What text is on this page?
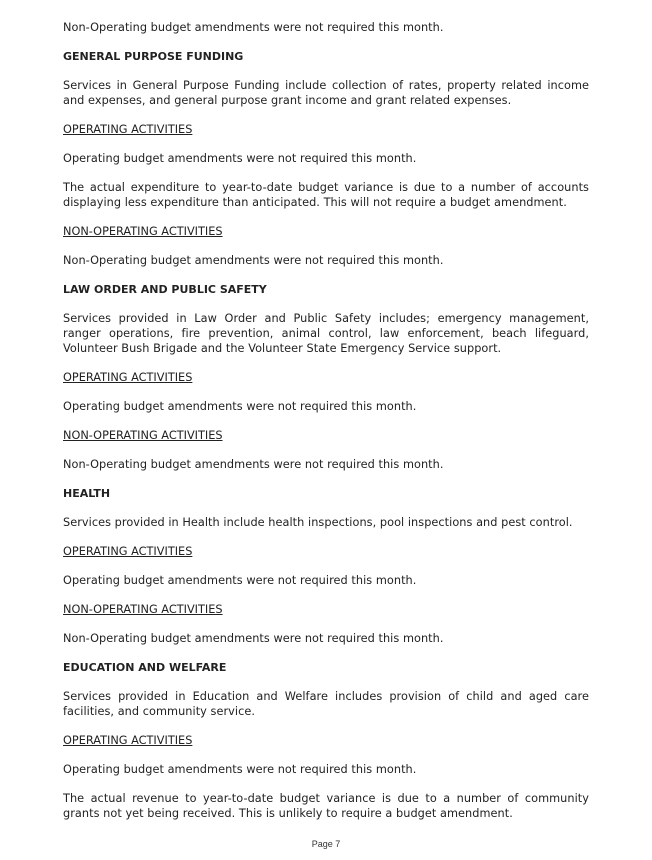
Non-Operating budget amendments were not required this month.
GENERAL PURPOSE FUNDING
Services in General Purpose Funding include collection of rates, property related income and expenses, and general purpose grant income and grant related expenses.
OPERATING ACTIVITIES
Operating budget amendments were not required this month.
The actual expenditure to year-to-date budget variance is due to a number of accounts displaying less expenditure than anticipated. This will not require a budget amendment.
NON-OPERATING ACTIVITIES
Non-Operating budget amendments were not required this month.
LAW ORDER AND PUBLIC SAFETY
Services provided in Law Order and Public Safety includes; emergency management, ranger operations, fire prevention, animal control, law enforcement, beach lifeguard, Volunteer Bush Brigade and the Volunteer State Emergency Service support.
OPERATING ACTIVITIES
Operating budget amendments were not required this month.
NON-OPERATING ACTIVITIES
Non-Operating budget amendments were not required this month.
HEALTH
Services provided in Health include health inspections, pool inspections and pest control.
OPERATING ACTIVITIES
Operating budget amendments were not required this month.
NON-OPERATING ACTIVITIES
Non-Operating budget amendments were not required this month.
EDUCATION AND WELFARE
Services provided in Education and Welfare includes provision of child and aged care facilities, and community service.
OPERATING ACTIVITIES
Operating budget amendments were not required this month.
The actual revenue to year-to-date budget variance is due to a number of community grants not yet being received. This is unlikely to require a budget amendment.
Page 7
